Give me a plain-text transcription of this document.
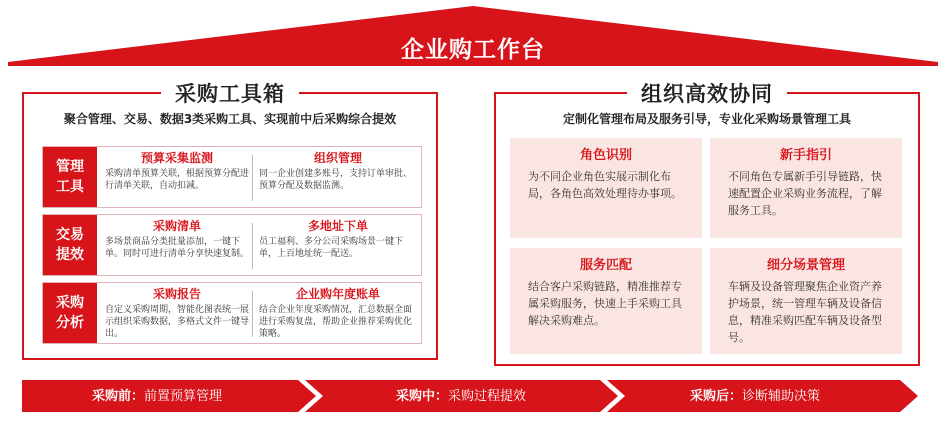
企业购工作台
采购工具箱
聚合管理、交易、数据3类采购工具、实现前中后采购综合提效
管理工具
预算采集监测
采购清单预算关联，根据预算分配进行清单关联，自动扣减。
组织管理
同一企业创建多账号，支持订单审批、预算分配及数据监测。
交易提效
采购清单
多场景商品分类批量添加，一键下单。同时可进行清单分享快速复制。
多地址下单
员工福利、多分公司采购场景一键下单，上百地址统一配送。
采购分析
采购报告
自定义采购周期，智能化图表统一展示组织采购数据，多格式文件一键导出。
企业购年度账单
结合企业年度采购情况，汇总数据全面进行采购复盘，帮助企业推荐采购优化策略。
组织高效协同
定制化管理布局及服务引导，专业化采购场景管理工具
角色识别
为不同企业角色实展示制化布局，各角色高效处理待办事项。
新手指引
不同角色专属新手引导链路，快速配置企业采购业务流程，了解服务工具。
服务匹配
结合客户采购链路，精准推荐专属采购服务，快速上手采购工具解决采购难点。
细分场景管理
车辆及设备管理聚焦企业资产养护场景，统一管理车辆及设备信息，精准采购匹配车辆及设备型号。
采购前：前置预算管理	采购中：采购过程提效	采购后：诊断辅助决策
